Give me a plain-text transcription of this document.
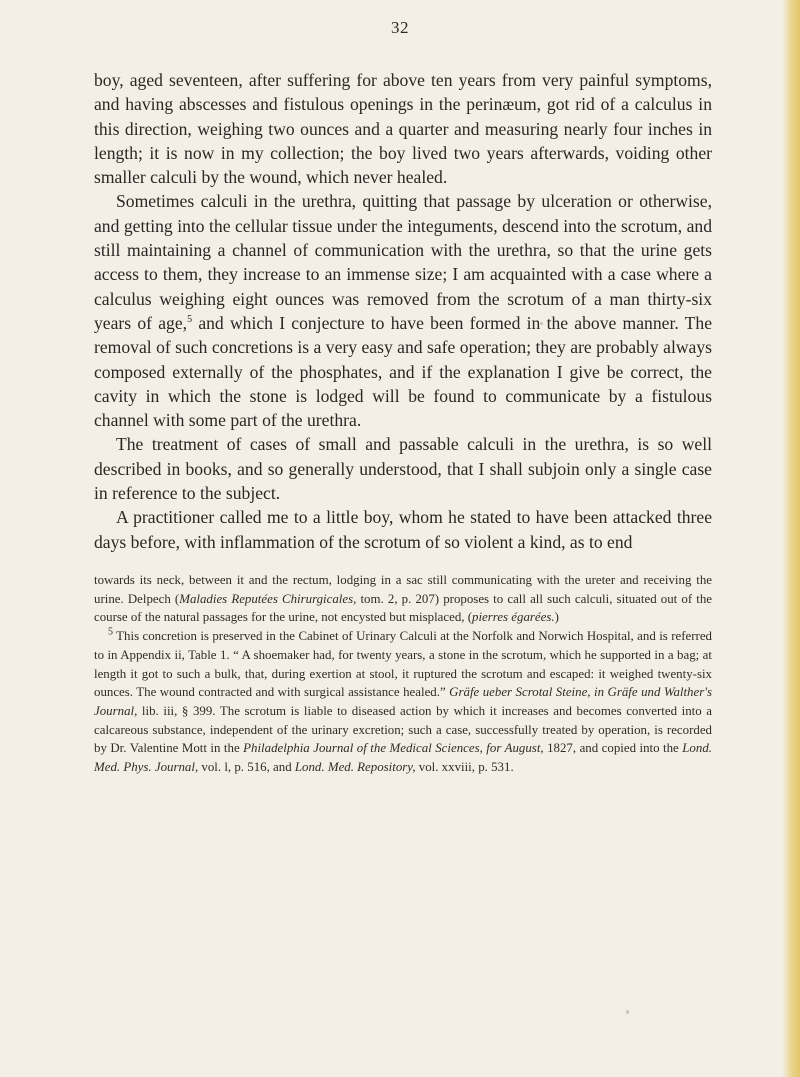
32

boy, aged seventeen, after suffering for above ten years from very painful symptoms, and having abscesses and fistulous openings in the perinæum, got rid of a calculus in this direction, weighing two ounces and a quarter and measuring nearly four inches in length; it is now in my collection; the boy lived two years afterwards, voiding other smaller calculi by the wound, which never healed.

Sometimes calculi in the urethra, quitting that passage by ulceration or otherwise, and getting into the cellular tissue under the integuments, descend into the scrotum, and still maintaining a channel of communication with the urethra, so that the urine gets access to them, they increase to an immense size; I am acquainted with a case where a calculus weighing eight ounces was removed from the scrotum of a man thirty-six years of age,$^5$ and which I conjecture to have been formed in the above manner. The removal of such concretions is a very easy and safe operation; they are probably always composed externally of the phosphates, and if the explanation I give be correct, the cavity in which the stone is lodged will be found to communicate by a fistulous channel with some part of the urethra.

The treatment of cases of small and passable calculi in the urethra, is so well described in books, and so generally understood, that I shall subjoin only a single case in reference to the subject.

A practitioner called me to a little boy, whom he stated to have been attacked three days before, with inflammation of the scrotum of so violent a kind, as to end

towards its neck, between it and the rectum, lodging in a sac still communicating with the ureter and receiving the urine. Delpech (Maladies Reputées Chirurgicales, tom. 2, p. 207) proposes to call all such calculi, situated out of the course of the natural passages for the urine, not encysted but misplaced, (pierres égarées.)

$^5$ This concretion is preserved in the Cabinet of Urinary Calculi at the Norfolk and Norwich Hospital, and is referred to in Appendix ii, Table 1. “ A shoemaker had, for twenty years, a stone in the scrotum, which he supported in a bag; at length it got to such a bulk, that, during exertion at stool, it ruptured the scrotum and escaped: it weighed twenty-six ounces. The wound contracted and with surgical assistance healed.” Gräfe ueber Scrotal Steine, in Gräfe und Walther's Journal, lib. iii, § 399. The scrotum is liable to diseased action by which it increases and becomes converted into a calcareous substance, independent of the urinary excretion; such a case, successfully treated by operation, is recorded by Dr. Valentine Mott in the Philadelphia Journal of the Medical Sciences, for August, 1827, and copied into the Lond. Med. Phys. Journal, vol. l, p. 516, and Lond. Med. Repository, vol. xxviii, p. 531.
